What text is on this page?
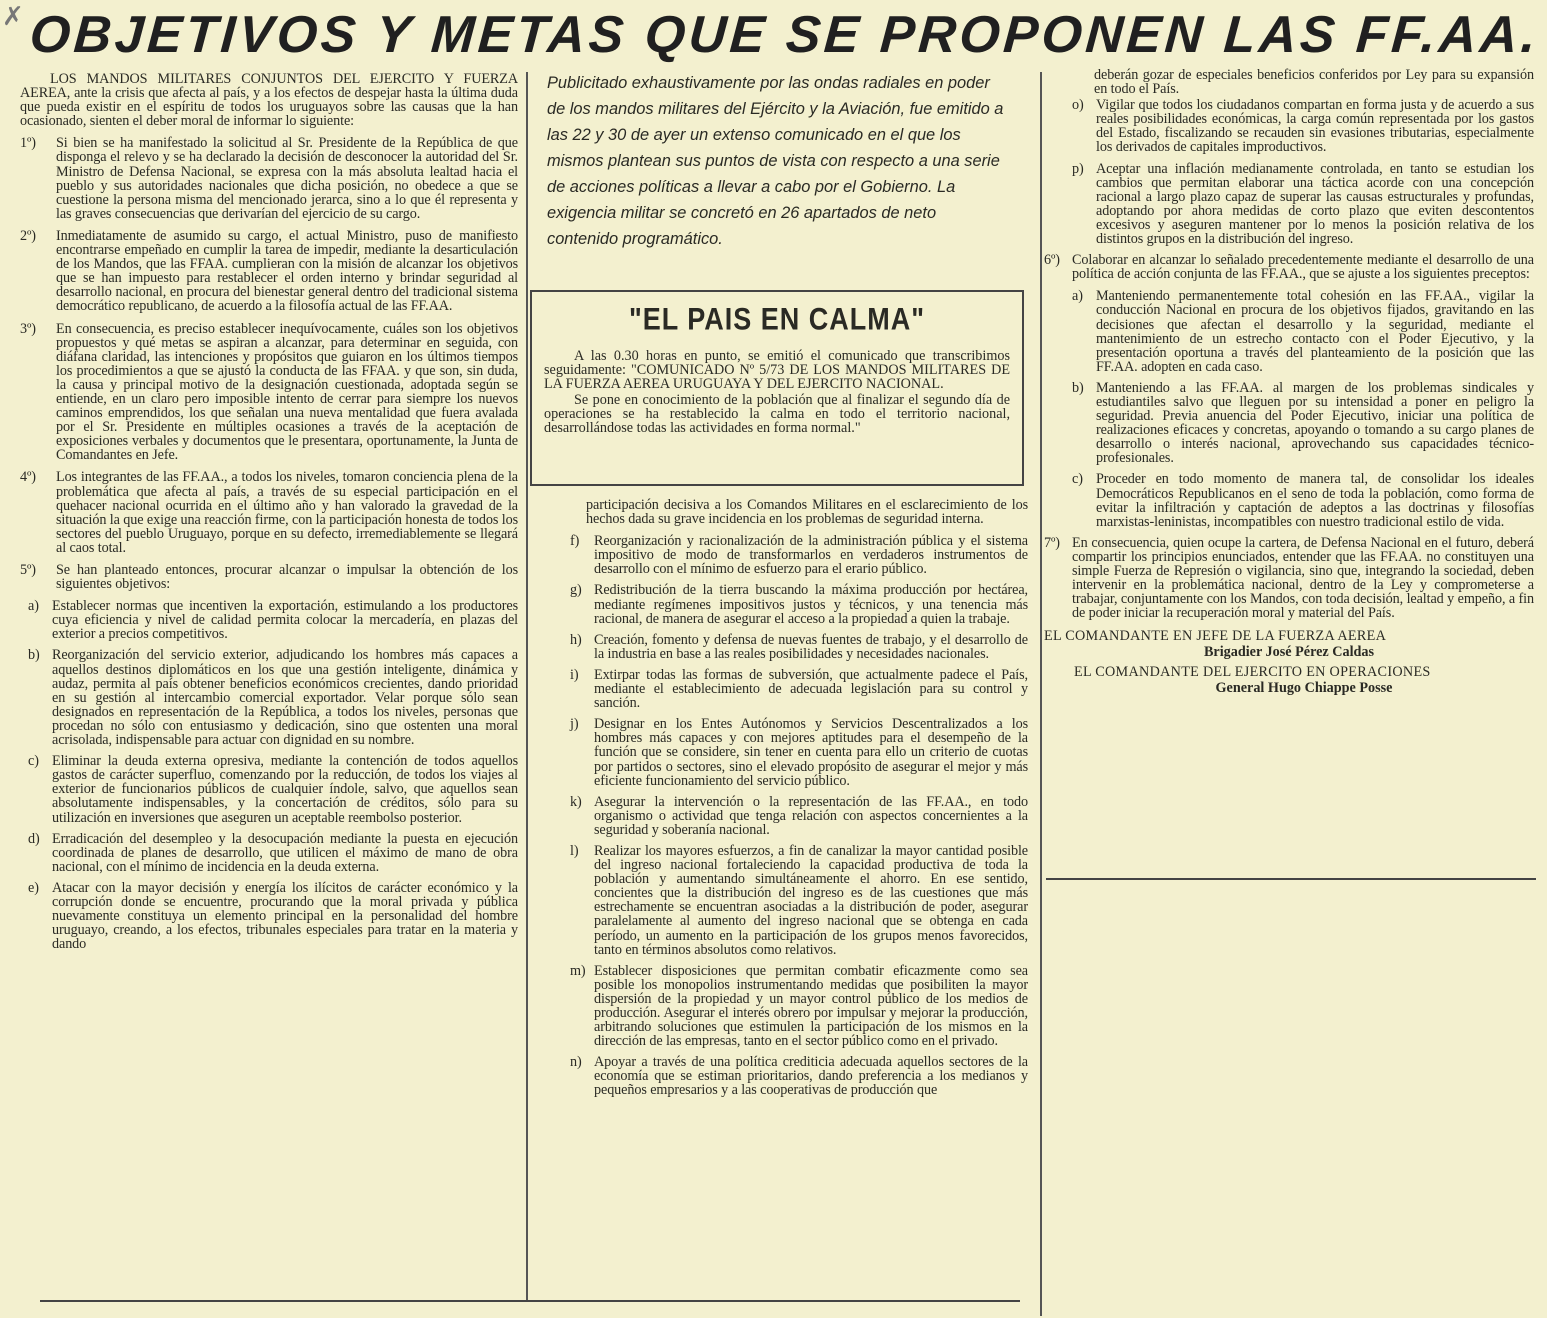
✗ OBJETIVOS Y METAS QUE SE PROPONEN LAS FF.AA.

LOS MANDOS MILITARES CONJUNTOS DEL EJERCITO Y FUERZA AEREA, ante la crisis que afecta al país, y a los efectos de despejar hasta la última duda que pueda existir en el espíritu de todos los uruguayos sobre las causas que la han ocasionado, sienten el deber moral de informar lo siguiente:

1º)	Si bien se ha manifestado la solicitud al Sr. Presidente de la República de que disponga el relevo y se ha declarado la decisión de desconocer la autoridad del Sr. Ministro de Defensa Nacional, se expresa con la más absoluta lealtad hacia el pueblo y sus autoridades nacionales que dicha posición, no obedece a que se cuestione la persona misma del mencionado jerarca, sino a lo que él representa y las graves consecuencias que derivarían del ejercicio de su cargo.
2º)	Inmediatamente de asumido su cargo, el actual Ministro, puso de manifiesto encontrarse empeñado en cumplir la tarea de impedir, mediante la desarticulación de los Mandos, que las FFAA. cumplieran con la misión de alcanzar los objetivos que se han impuesto para restablecer el orden interno y brindar seguridad al desarrollo nacional, en procura del bienestar general dentro del tradicional sistema democrático republicano, de acuerdo a la filosofía actual de las FF.AA.
3º)	En consecuencia, es preciso establecer inequívocamente, cuáles son los objetivos propuestos y qué metas se aspiran a alcanzar, para determinar en seguida, con diáfana claridad, las intenciones y propósitos que guiaron en los últimos tiempos los procedimientos a que se ajustó la conducta de las FFAA. y que son, sin duda, la causa y principal motivo de la designación cuestionada, adoptada según se entiende, en un claro pero imposible intento de cerrar para siempre los nuevos caminos emprendidos, los que señalan una nueva mentalidad que fuera avalada por el Sr. Presidente en múltiples ocasiones a través de la aceptación de exposiciones verbales y documentos que le presentara, oportunamente, la Junta de Comandantes en Jefe.
4º)	Los integrantes de las FF.AA., a todos los niveles, tomaron conciencia plena de la problemática que afecta al país, a través de su especial participación en el quehacer nacional ocurrida en el último año y han valorado la gravedad de la situación la que exige una reacción firme, con la participación honesta de todos los sectores del pueblo Uruguayo, porque en su defecto, irremediablemente se llegará al caos total.
5º)	Se han planteado entonces, procurar alcanzar o impulsar la obtención de los siguientes objetivos:
a) Establecer normas que incentiven la exportación, estimulando a los productores cuya eficiencia y nivel de calidad permita colocar la mercadería, en plazas del exterior a precios competitivos.
b) Reorganización del servicio exterior, adjudicando los hombres más capaces a aquellos destinos diplomáticos en los que una gestión inteligente, dinámica y audaz, permita al país obtener beneficios económicos crecientes, dando prioridad en su gestión al intercambio comercial exportador. Velar porque sólo sean designados en representación de la República, a todos los niveles, personas que procedan no sólo con entusiasmo y dedicación, sino que ostenten una moral acrisolada, indispensable para actuar con dignidad en su nombre.
c) Eliminar la deuda externa opresiva, mediante la contención de todos aquellos gastos de carácter superfluo, comenzando por la reducción, de todos los viajes al exterior de funcionarios públicos de cualquier índole, salvo, que aquellos sean absolutamente indispensables, y la concertación de créditos, sólo para su utilización en inversiones que aseguren un aceptable reembolso posterior.
d) Erradicación del desempleo y la desocupación mediante la puesta en ejecución coordinada de planes de desarrollo, que utilicen el máximo de mano de obra nacional, con el mínimo de incidencia en la deuda externa.
e) Atacar con la mayor decisión y energía los ilícitos de carácter económico y la corrupción donde se encuentre, procurando que la moral privada y pública nuevamente constituya un elemento principal en la personalidad del hombre uruguayo, creando, a los efectos, tribunales especiales para tratar en la materia y dando
Publicitado exhaustivamente por las ondas radiales en poder de los mandos militares del Ejército y la Aviación, fue emitido a las 22 y 30 de ayer un extenso comunicado en el que los mismos plantean sus puntos de vista con respecto a una serie de acciones políticas a llevar a cabo por el Gobierno. La exigencia militar se concretó en 26 apartados de neto contenido programático.
"EL PAIS EN CALMA"

A las 0.30 horas en punto, se emitió el comunicado que transcribimos seguidamente: "COMUNICADO Nº 5/73 DE LOS MANDOS MILITARES DE LA FUERZA AEREA URUGUAYA Y DEL EJERCITO NACIONAL.

Se pone en conocimiento de la población que al finalizar el segundo día de operaciones se ha restablecido la calma en todo el territorio nacional, desarrollándose todas las actividades en forma normal."

participación decisiva a los Comandos Militares en el esclarecimiento de los hechos dada su grave incidencia en los problemas de seguridad interna.

f)	Reorganización y racionalización de la administración pública y el sistema impositivo de modo de transformarlos en verdaderos instrumentos de desarrollo con el mínimo de esfuerzo para el erario público.
g) Redistribución de la tierra buscando la máxima producción por hectárea, mediante regímenes impositivos justos y técnicos, y una tenencia más racional, de manera de asegurar el acceso a la propiedad a quien la trabaje.
h) Creación, fomento y defensa de nuevas fuentes de trabajo, y el desarrollo de la industria en base a las reales posibilidades y necesidades nacionales.
i)	Extirpar todas las formas de subversión, que actualmente padece el País, mediante el establecimiento de adecuada legislación para su control y sanción.
j)	Designar en los Entes Autónomos y Servicios Descentralizados a los hombres más capaces y con mejores aptitudes para el desempeño de la función que se considere, sin tener en cuenta para ello un criterio de cuotas por partidos o sectores, sino el elevado propósito de asegurar el mejor y más eficiente funcionamiento del servicio público.
k) Asegurar la intervención o la representación de las FF.AA., en todo organismo o actividad que tenga relación con aspectos concernientes a la seguridad y soberanía nacional.
l)	Realizar los mayores esfuerzos, a fin de canalizar la mayor cantidad posible del ingreso nacional fortaleciendo la capacidad productiva de toda la población y aumentando simultáneamente el ahorro. En ese sentido, concientes que la distribución del ingreso es de las cuestiones que más estrechamente se encuentran asociadas a la distribución de poder, asegurar paralelamente al aumento del ingreso nacional que se obtenga en cada período, un aumento en la participación de los grupos menos favorecidos, tanto en términos absolutos como relativos.
m) Establecer disposiciones que permitan combatir eficazmente como sea posible los monopolios instrumentando medidas que posibiliten la mayor dispersión de la propiedad y un mayor control público de los medios de producción. Asegurar el interés obrero por impulsar y mejorar la producción, arbitrando soluciones que estimulen la participación de los mismos en la dirección de las empresas, tanto en el sector público como en el privado.
n) Apoyar a través de una política crediticia adecuada aquellos sectores de la economía que se estiman prioritarios, dando preferencia a los medianos y pequeños empresarios y a las cooperativas de producción que

deberán gozar de especiales beneficios conferidos por Ley para su expansión en todo el País.

o) Vigilar que todos los ciudadanos compartan en forma justa y de acuerdo a sus reales posibilidades económicas, la carga común representada por los gastos del Estado, fiscalizando se recauden sin evasiones tributarias, especialmente los derivados de capitales improductivos.
p) Aceptar una inflación medianamente controlada, en tanto se estudian los cambios que permitan elaborar una táctica acorde con una concepción racional a largo plazo capaz de superar las causas estructurales y profundas, adoptando por ahora medidas de corto plazo que eviten descontentos excesivos y aseguren mantener por lo menos la posición relativa de los distintos grupos en la distribución del ingreso.
6º) Colaborar en alcanzar lo señalado precedentemente mediante el desarrollo de una política de acción conjunta de las FF.AA., que se ajuste a los siguientes preceptos:
a) Manteniendo permanentemente total cohesión en las FF.AA., vigilar la conducción Nacional en procura de los objetivos fijados, gravitando en las decisiones que afectan el desarrollo y la seguridad, mediante el mantenimiento de un estrecho contacto con el Poder Ejecutivo, y la presentación oportuna a través del planteamiento de la posición que las FF.AA. adopten en cada caso.
b) Manteniendo a las FF.AA. al margen de los problemas sindicales y estudiantiles salvo que lleguen por su intensidad a poner en peligro la seguridad. Previa anuencia del Poder Ejecutivo, iniciar una política de realizaciones eficaces y concretas, apoyando o tomando a su cargo planes de desarrollo o interés nacional, aprovechando sus capacidades técnico-profesionales.
c) Proceder en todo momento de manera tal, de consolidar los ideales Democráticos Republicanos en el seno de toda la población, como forma de evitar la infiltración y captación de adeptos a las doctrinas y filosofías marxistas-leninistas, incompatibles con nuestro tradicional estilo de vida.
7º) En consecuencia, quien ocupe la cartera, de Defensa Nacional en el futuro, deberá compartir los principios enunciados, entender que las FF.AA. no constituyen una simple Fuerza de Represión o vigilancia, sino que, integrando la sociedad, deben intervenir en la problemática nacional, dentro de la Ley y comprometerse a trabajar, conjuntamente con los Mandos, con toda decisión, lealtad y empeño, a fin de poder iniciar la recuperación moral y material del País.
EL COMANDANTE EN JEFE DE LA FUERZA AEREA
Brigadier José Pérez Caldas
EL COMANDANTE DEL EJERCITO EN OPERACIONES
General Hugo Chiappe Posse
